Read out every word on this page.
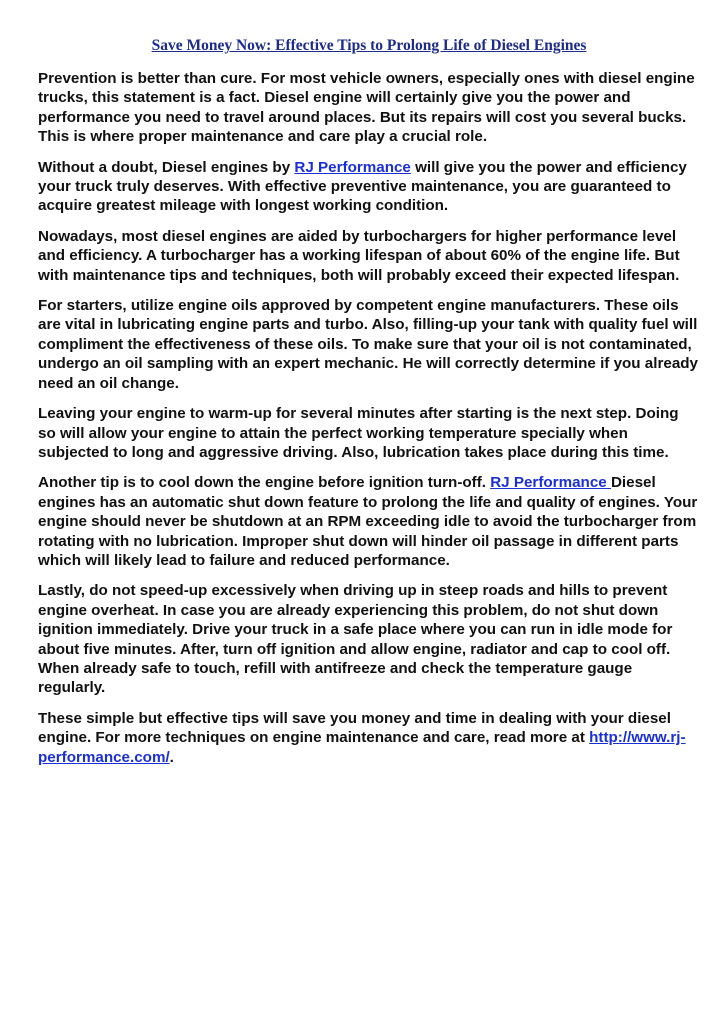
Save Money Now: Effective Tips to Prolong Life of Diesel Engines

Prevention is better than cure. For most vehicle owners, especially ones with diesel engine trucks, this statement is a fact. Diesel engine will certainly give you the power and performance you need to travel around places. But its repairs will cost you several bucks. This is where proper maintenance and care play a crucial role.

Without a doubt, Diesel engines by RJ Performance will give you the power and efficiency your truck truly deserves. With effective preventive maintenance, you are guaranteed to acquire greatest mileage with longest working condition.

Nowadays, most diesel engines are aided by turbochargers for higher performance level and efficiency. A turbocharger has a working lifespan of about 60% of the engine life. But with maintenance tips and techniques, both will probably exceed their expected lifespan.

For starters, utilize engine oils approved by competent engine manufacturers. These oils are vital in lubricating engine parts and turbo. Also, filling-up your tank with quality fuel will compliment the effectiveness of these oils. To make sure that your oil is not contaminated, undergo an oil sampling with an expert mechanic. He will correctly determine if you already need an oil change.

Leaving your engine to warm-up for several minutes after starting is the next step. Doing so will allow your engine to attain the perfect working temperature specially when subjected to long and aggressive driving. Also, lubrication takes place during this time.

Another tip is to cool down the engine before ignition turn-off. RJ Performance Diesel engines has an automatic shut down feature to prolong the life and quality of engines. Your engine should never be shutdown at an RPM exceeding idle to avoid the turbocharger from rotating with no lubrication. Improper shut down will hinder oil passage in different parts which will likely lead to failure and reduced performance.

Lastly, do not speed-up excessively when driving up in steep roads and hills to prevent engine overheat. In case you are already experiencing this problem, do not shut down ignition immediately. Drive your truck in a safe place where you can run in idle mode for about five minutes. After, turn off ignition and allow engine, radiator and cap to cool off. When already safe to touch, refill with antifreeze and check the temperature gauge regularly.

These simple but effective tips will save you money and time in dealing with your diesel engine. For more techniques on engine maintenance and care, read more at http://www.rj-performance.com/.
